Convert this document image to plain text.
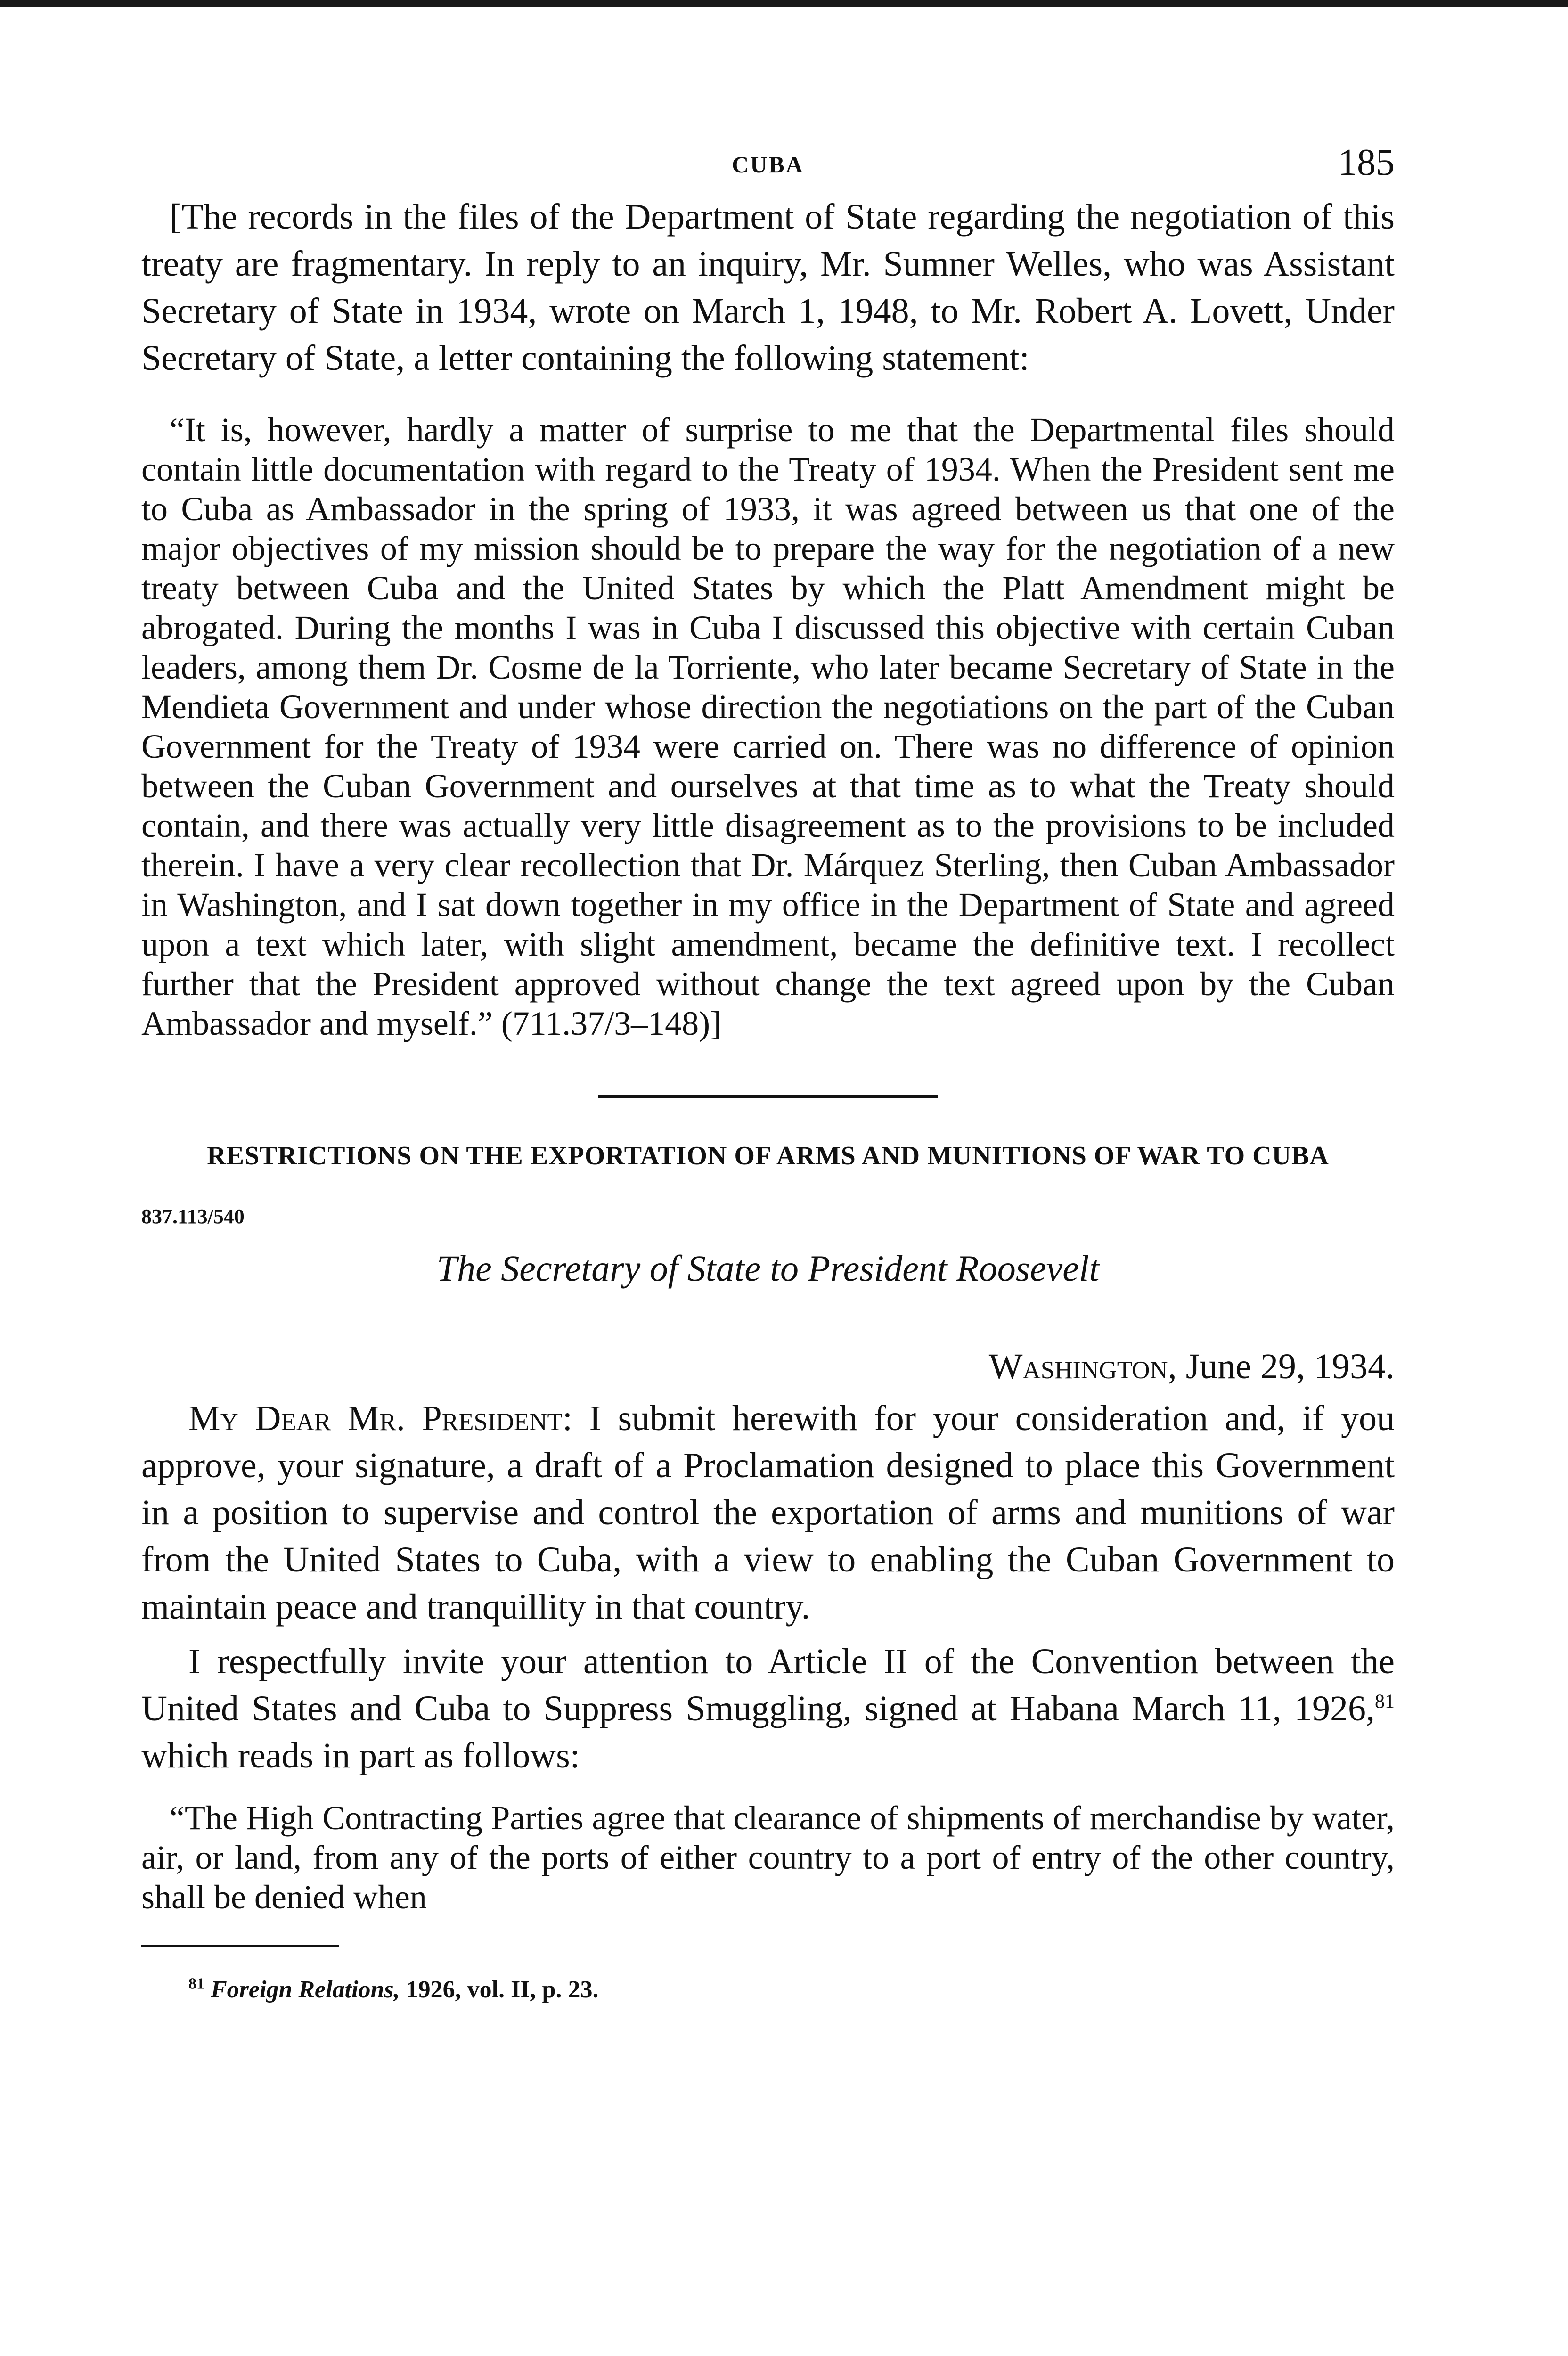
CUBA	185

[The records in the files of the Department of State regarding the negotiation of this treaty are fragmentary. In reply to an inquiry, Mr. Sumner Welles, who was Assistant Secretary of State in 1934, wrote on March 1, 1948, to Mr. Robert A. Lovett, Under Secretary of State, a letter containing the following statement:

“It is, however, hardly a matter of surprise to me that the Departmental files should contain little documentation with regard to the Treaty of 1934. When the President sent me to Cuba as Ambassador in the spring of 1933, it was agreed between us that one of the major objectives of my mission should be to prepare the way for the negotiation of a new treaty between Cuba and the United States by which the Platt Amendment might be abrogated. During the months I was in Cuba I discussed this objective with certain Cuban leaders, among them Dr. Cosme de la Torriente, who later became Secretary of State in the Mendieta Government and under whose direction the negotiations on the part of the Cuban Government for the Treaty of 1934 were carried on. There was no difference of opinion between the Cuban Government and ourselves at that time as to what the Treaty should contain, and there was actually very little disagreement as to the provisions to be included therein. I have a very clear recollection that Dr. Márquez Sterling, then Cuban Ambassador in Washington, and I sat down together in my office in the Department of State and agreed upon a text which later, with slight amendment, became the definitive text. I recollect further that the President approved without change the text agreed upon by the Cuban Ambassador and myself.” (711.37/3–148)]

RESTRICTIONS ON THE EXPORTATION OF ARMS AND MUNITIONS OF WAR TO CUBA
837.113/540
The Secretary of State to President Roosevelt
Washington, June 29, 1934.

My Dear Mr. President: I submit herewith for your consideration and, if you approve, your signature, a draft of a Proclamation designed to place this Government in a position to supervise and control the exportation of arms and munitions of war from the United States to Cuba, with a view to enabling the Cuban Government to maintain peace and tranquillity in that country.

I respectfully invite your attention to Article II of the Convention between the United States and Cuba to Suppress Smuggling, signed at Habana March 11, 1926,81 which reads in part as follows:

“The High Contracting Parties agree that clearance of shipments of merchandise by water, air, or land, from any of the ports of either country to a port of entry of the other country, shall be denied when

$^{81}$ Foreign Relations, 1926, vol. II, p. 23.
